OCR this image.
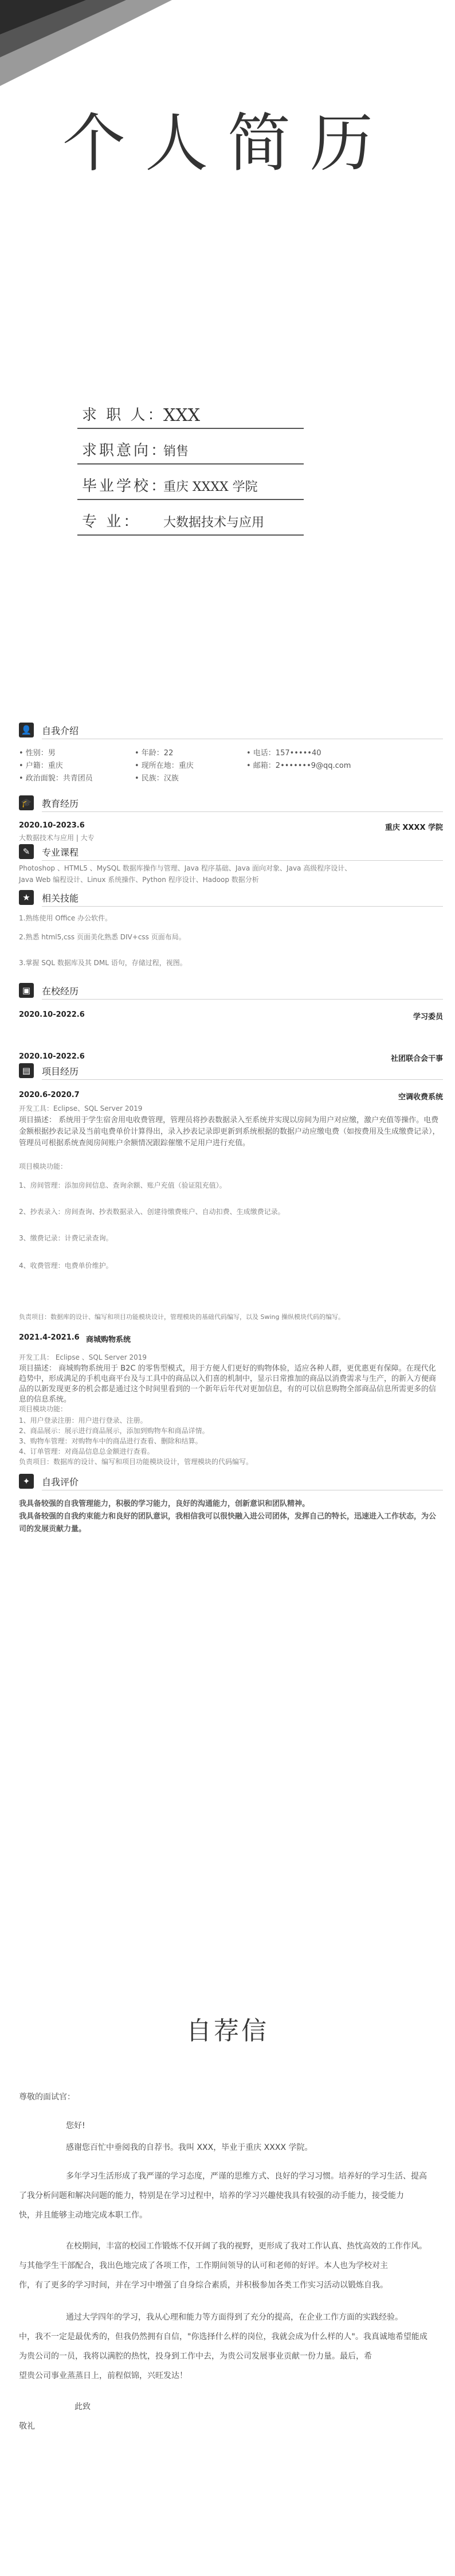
个人简历
求 职 人：
XXX
求职意向：
销售
毕业学校：
重庆 XXXX 学院
专 业： 大数据技术与应用
👤 自我介绍
• 性别：男	• 年龄：22	• 电话：157•••••40
• 户籍：重庆	• 现所在地：重庆	• 邮箱：2•••••••9@qq.com
• 政治面貌：共青团员	• 民族：汉族
🎓 教育经历
2020.10-2023.6	重庆 XXXX 学院
大数据技术与应用 | 大专
✎	专业课程
Photoshop 、HTML5 、MySQL 数据库操作与管理、Java 程序基础、Java 面向对象、Java 高级程序设计、
Java Web 编程设计、Linux 系统操作、Python 程序设计、Hadoop 数据分析
★	相关技能
1.熟练使用 Office 办公软件。
2.熟悉 html5,css 页面美化熟悉 DIV+css 页面布局。
3.掌握 SQL 数据库及其 DML 语句，存储过程，视图。
▣	在校经历
2020.10-2022.6	学习委员
2020.10-2022.6	社团联合会干事
▤	项目经历
2020.6-2020.7	空调收费系统
开发工具：Eclipse、SQL Server 2019
项目描述： 系统用于学生宿舍用电收费管理，管理员将抄表数据录入至系统并实现以房间为用户对应缴，激户充值等操作。电费金额根据抄表记录及当前电费单价计算得出，录入抄表记录即更新到系统根据的数据户动应缴电费（如按费用及生成缴费记录），管理员可根据系统查阅房间账户余额情况跟踪催缴不足用户进行充值。
项目模块功能：
1、房间管理：添加房间信息、查询余额、账户充值（验证阻充值）。
2、抄表录入：房间查询、抄表数据录入、创建待缴费账户、自动扣费、生成缴费记录。
3、缴费记录：计费记录查询。
4、收费管理：电费单价维护。
负责项目：数据库的设计、编写和项目功能模块设计，管理模块的基础代码编写，以及 Swing 操纵模块代码的编写。
2021.4-2021.6 商城购物系统
开发工具： Eclipse 、SQL Server 2019
项目描述： 商城购物系统用于 B2C 的零售型模式，用于方便人们更好的购物体验，适应各种人群，更优惠更有保障。在现代化趋势中，形成满足的手机电商平台及与工具中的商品以入们喜的机制中，显示日常推加的商品以消费需求与生产，的新入方便商品的以新发现更多的机会都是通过这个时间里看到的一个新年后年代对更加信息，有的可以信息购物全部商品信息所需更多的信息的信息系统。
项目模块功能：
1、用户登录注册：用户进行登录、注册。
2、商品展示：展示进行商品展示，添加到购物车和商品详情。
3、购物车管理：对购物车中的商品进行查看、删除和结算。
4、订单管理：对商品信息总金额进行查看。
负责项目：数据库的设计、编写和项目功能模块设计，管理模块的代码编写。
✦	自我评价
我具备较强的自我管理能力，积极的学习能力，良好的沟通能力，创新意识和团队精神。
我具备较强的自我约束能力和良好的团队意识，我相信我可以很快融入进公司团体，发挥自己的特长，迅速进入工作状态，为公司的发展贡献力量。
自荐信
尊敬的面试官：
您好!
感谢您百忙中垂阅我的自荐书。我叫 XXX，毕业于重庆 XXXX 学院。
多年学习生活形成了我严谨的学习态度，严谨的思维方式、良好的学习习惯。培养好的学习生活、提高
了我分析问题和解决问题的能力，特别是在学习过程中，培养的学习兴趣使我具有较强的动手能力，接受能力
快，并且能够主动地完成本职工作。
在校期间，丰富的校园工作锻炼不仅开阔了我的视野，更形成了我对工作认真、热忱高效的工作作风。
与其他学生干部配合，我出色地完成了各项工作，工作期间领导的认可和老师的好评。本人也为学校对主
作，有了更多的学习时间，并在学习中增强了自身综合素质，并积极参加各类工作实习活动以锻炼自我。
通过大学四年的学习，我从心理和能力等方面得到了充分的提高，在企业工作方面的实践经验。
中，我不一定是最优秀的，但我仍然拥有自信，"你选择什么样的岗位，我就会成为什么样的人"。我真诚地希望能成
为贵公司的一员，我将以满腔的热忱，投身到工作中去，为贵公司发展事业贡献一份力量。最后，希
望贵公司事业蒸蒸日上，前程似锦，兴旺发达！
此致
敬礼
